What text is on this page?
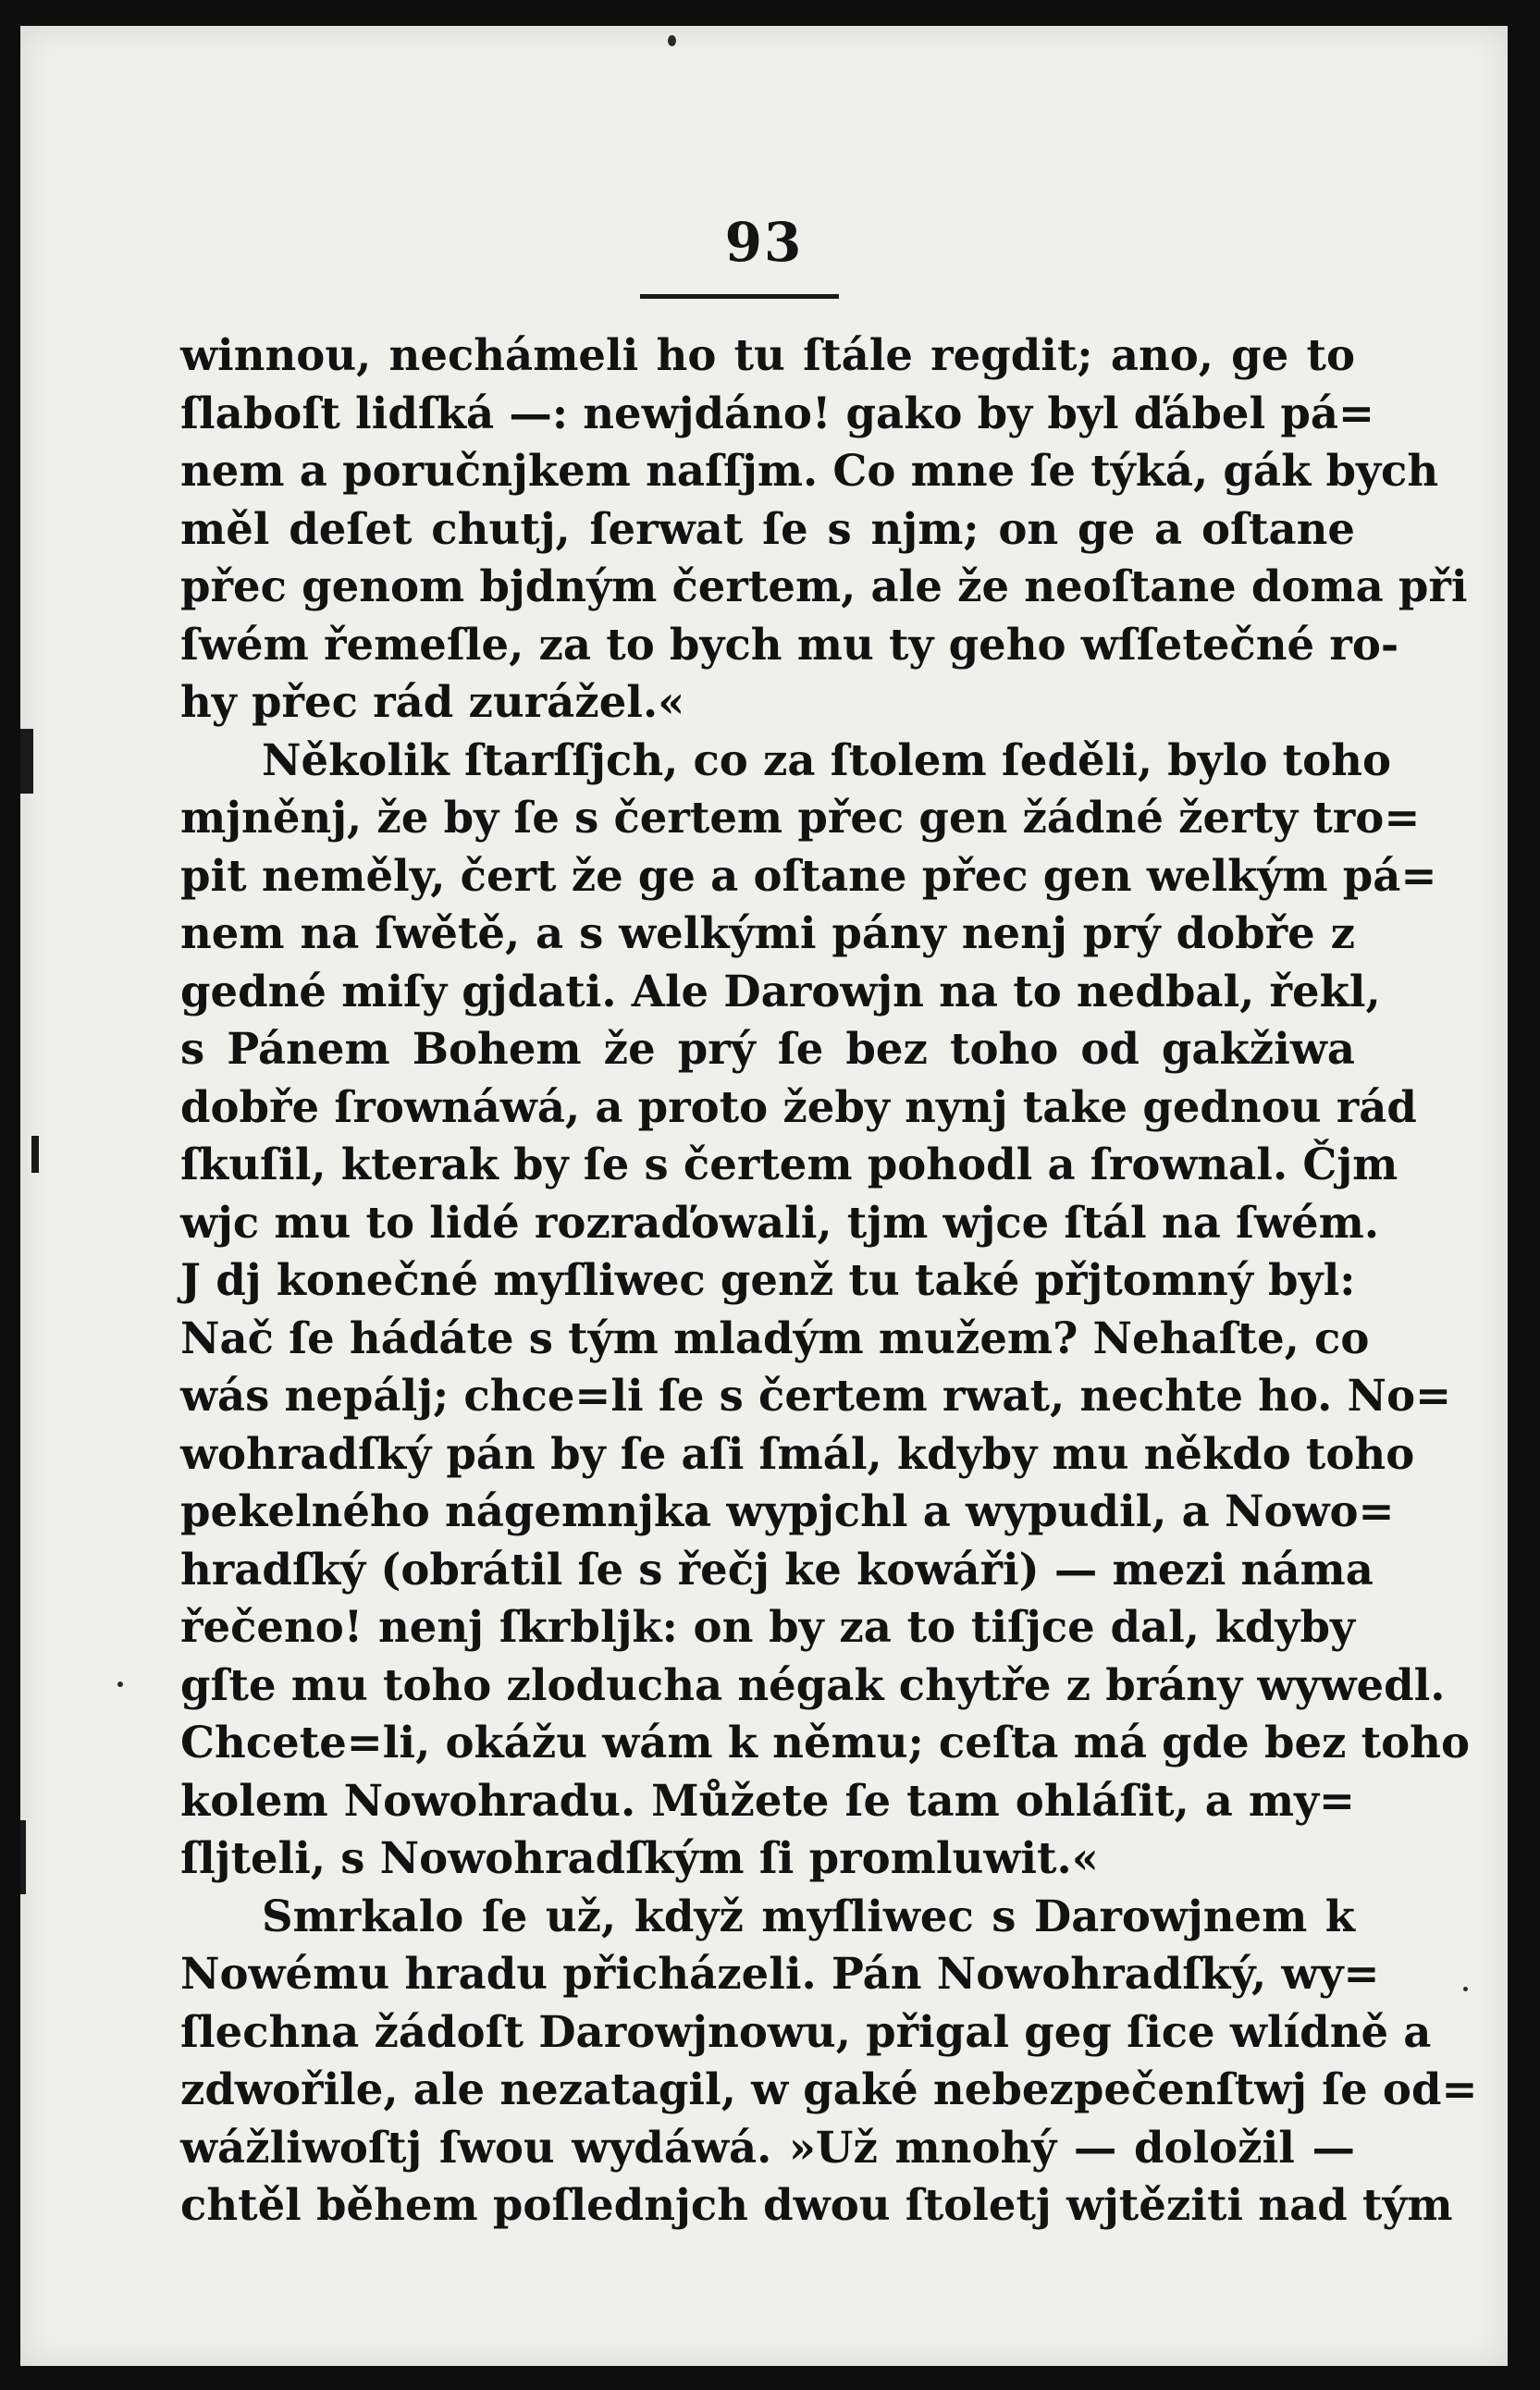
93
winnou, nechámeli ho tu ſtále regdit; ano, ge to
ſlaboſt lidſká —: newjdáno! gako by byl ďábel pá=
nem a poručnjkem naſſjm. Co mne ſe týká, gák bych
měl deſet chutj, ſerwat ſe s njm; on ge a oſtane
přec genom bjdným čertem, ale že neoſtane doma při
ſwém řemeſle, za to bych mu ty geho wſſetečné ro-
hy přec rád zurážel.«
Několik ſtarſſjch, co za ſtolem ſeděli, bylo toho
mjněnj, že by ſe s čertem přec gen žádné žerty tro=
pit neměly, čert že ge a oſtane přec gen welkým pá=
nem na ſwětě, a s welkými pány nenj prý dobře z
gedné miſy gjdati. Ale Darowjn na to nedbal, řekl,
s Pánem Bohem že prý ſe bez toho od gakžiwa
dobře ſrownáwá, a proto žeby nynj take gednou rád
ſkuſil, kterak by ſe s čertem pohodl a ſrownal. Čjm
wjc mu to lidé rozraďowali, tjm wjce ſtál na ſwém.
J dj konečné myſliwec genž tu také přjtomný byl:
Nač ſe hádáte s tým mladým mužem? Nehaſte, co
wás nepálj; chce=li ſe s čertem rwat, nechte ho. No=
wohradſký pán by ſe aſi ſmál, kdyby mu někdo toho
pekelného nágemnjka wypjchl a wypudil, a Nowo=
hradſký (obrátil ſe s řečj ke kowáři) — mezi náma
řečeno! nenj ſkrbljk: on by za to tiſjce dal, kdyby
gſte mu toho zloducha négak chytře z brány wywedl.
Chcete=li, okážu wám k němu; ceſta má gde bez toho
kolem Nowohradu. Můžete ſe tam ohláſit, a my=
ſljteli, s Nowohradſkým ſi promluwit.«
Smrkalo ſe už, když myſliwec s Darowjnem k
Nowému hradu přicházeli. Pán Nowohradſký, wy=
ſlechna žádoſt Darowjnowu, přigal geg ſice wlídně a
zdwořile, ale nezatagil, w gaké nebezpečenſtwj ſe od=
wážliwoſtj ſwou wydáwá. »Už mnohý — doložil —
chtěl během poſlednjch dwou ſtoletj wjtěziti nad tým
